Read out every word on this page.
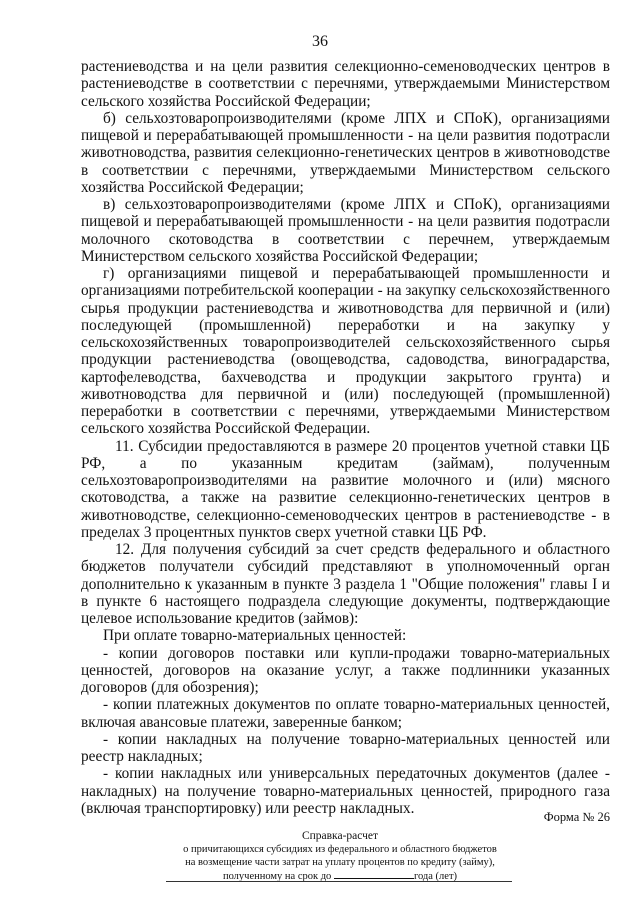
36

растениеводства и на цели развития селекционно-семеноводческих центров в растениеводстве в соответствии с перечнями, утверждаемыми Министерством сельского хозяйства Российской Федерации;

б) сельхозтоваропроизводителями (кроме ЛПХ и СПоК), организациями пищевой и перерабатывающей промышленности - на цели развития подотрасли животноводства, развития селекционно-генетических центров в животноводстве в соответствии с перечнями, утверждаемыми Министерством сельского хозяйства Российской Федерации;

в) сельхозтоваропроизводителями (кроме ЛПХ и СПоК), организациями пищевой и перерабатывающей промышленности - на цели развития подотрасли молочного скотоводства в соответствии с перечнем, утверждаемым Министерством сельского хозяйства Российской Федерации;

г) организациями пищевой и перерабатывающей промышленности и организациями потребительской кооперации - на закупку сельскохозяйственного сырья продукции растениеводства и животноводства для первичной и (или) последующей (промышленной) переработки и на закупку у сельскохозяйственных товаропроизводителей сельскохозяйственного сырья продукции растениеводства (овощеводства, садоводства, виноградарства, картофелеводства, бахчеводства и продукции закрытого грунта) и животноводства для первичной и (или) последующей (промышленной) переработки в соответствии с перечнями, утверждаемыми Министерством сельского хозяйства Российской Федерации.

11. Субсидии предоставляются в размере 20 процентов учетной ставки ЦБ РФ, а по указанным кредитам (займам), полученным сельхозтоваропроизводителями на развитие молочного и (или) мясного скотоводства, а также на развитие селекционно-генетических центров в животноводстве, селекционно-семеноводческих центров в растениеводстве - в пределах 3 процентных пунктов сверх учетной ставки ЦБ РФ.

12. Для получения субсидий за счет средств федерального и областного бюджетов получатели субсидий представляют в уполномоченный орган дополнительно к указанным в пункте 3 раздела 1 "Общие положения" главы I и в пункте 6 настоящего подраздела следующие документы, подтверждающие целевое использование кредитов (займов):

При оплате товарно-материальных ценностей:

- копии договоров поставки или купли-продажи товарно-материальных ценностей, договоров на оказание услуг, а также подлинники указанных договоров (для обозрения);

- копии платежных документов по оплате товарно-материальных ценностей, включая авансовые платежи, заверенные банком;

- копии накладных на получение товарно-материальных ценностей или реестр накладных;

- копии накладных или универсальных передаточных документов (далее - накладных) на получение товарно-материальных ценностей, природного газа (включая транспортировку) или реестр накладных.

Форма № 26
Справка-расчет
о причитающихся субсидиях из федерального и областного бюджетов
на возмещение части затрат на уплату процентов по кредиту (займу),
полученному на срок до	года (лет)
